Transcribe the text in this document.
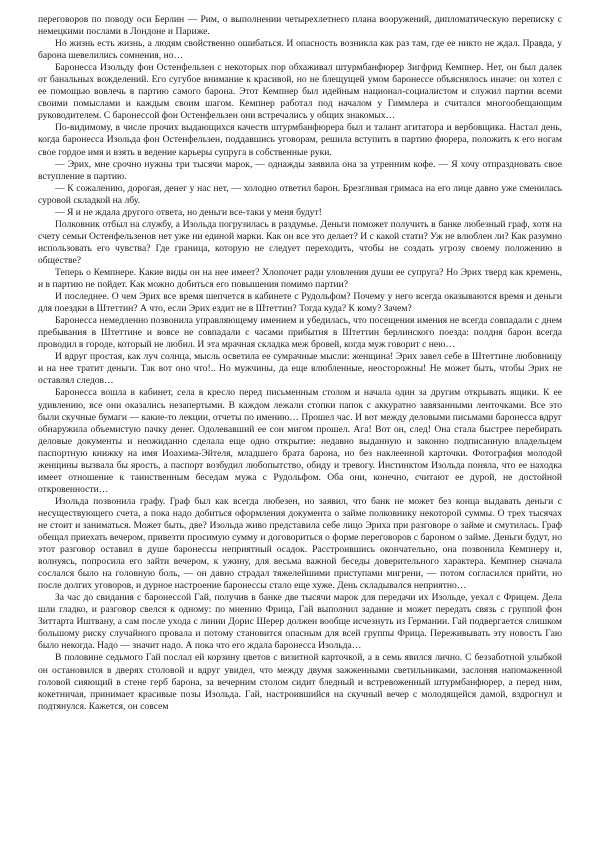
переговоров по поводу оси Берлин — Рим, о выполнении четырехлетнего плана вооружений, дипломатическую переписку с немецкими послами в Лондоне и Париже.

Но жизнь есть жизнь, а людям свойственно ошибаться. И опасность возникла как раз там, где ее никто не ждал. Правда, у барона шевелились сомнения, но…

Баронесса Изольду фон Остенфельзен с некоторых пор обхаживал штурмбанфюрер Зигфрид Кемпнер. Нет, он был далек от банальных вожделений. Его сугубое внимание к красивой, но не блещущей умом баронессе объяснялось иначе: он хотел с ее помощью вовлечь в партию самого барона. Этот Кемпнер был идейным национал-социалистом и служил партии всеми своими помыслами и каждым своим шагом. Кемпнер работал под началом у Гиммлера и считался многообещающим руководителем. С баронессой фон Остенфельзен они встречались у общих знакомых…

По-видимому, в числе прочих выдающихся качеств штурмбанфюрера был и талант агитатора и вербовщика. Настал день, когда баронесса Изольда фон Остенфельзен, поддавшись уговорам, решила вступить в партию фюрера, положить к его ногам свое гордое имя и взять в ведение карьеры супруга в собственные руки.

— Эрих, мне срочно нужны три тысячи марок, — однажды заявила она за утренним кофе. — Я хочу отпраздновать свое вступление в партию.

— К сожалению, дорогая, денег у нас нет, — холодно ответил барон. Брезгливая гримаса на его лице давно уже сменилась суровой складкой на лбу.

— Я и не ждала другого ответа, но деньги все-таки у меня будут!

Полковник отбыл на службу, а Изольда погрузилась в раздумье. Деньги поможет получить в банке любезный граф, хотя на счету семьи Остенфельзенов нет уже ни единой марки. Как он все это делает? И с какой стати? Уж не влюблен ли? Как разумно использовать его чувства? Где граница, которую не следует переходить, чтобы не создать угрозу своему положению в обществе?

Теперь о Кемпнере. Какие виды он на нее имеет? Хлопочет ради уловления души ее супруга? Но Эрих тверд как кремень, и в партию не пойдет. Как можно добиться его повышения помимо партии?

И последнее. О чем Эрих все время шепчется в кабинете с Рудольфом? Почему у него всегда оказываются время и деньги для поездки в Штеттин? А что, если Эрих ездит не в Штеттин? Тогда куда? К кому? Зачем?

Баронесса немедленно позвонила управляющему имением и убедилась, что посещения имения не всегда совпадали с днем пребывания в Штеттине и вовсе не совпадали с часами прибытия в Штеттин берлинского поезда: полдня барон всегда проводил в городе, который не любил. И эта мрачная складка меж бровей, когда муж говорит с нею…

И вдруг простая, как луч солнца, мысль осветила ее сумрачные мысли: женщина! Эрих завел себе в Штеттине любовницу и на нее тратит деньги. Так вот оно что!.. Но мужчины, да еще влюбленные, неосторожны! Не может быть, чтобы Эрих не оставлял следов…

Баронесса вошла в кабинет, села в кресло перед письменным столом и начала один за другим открывать ящики. К ее удивлению, все они оказались незапертыми. В каждом лежали стопки папок с аккуратно завязанными ленточками. Все это были скучные бумаги — какие-то лекции, отчеты по имению… Прошел час. И вот между деловыми письмами баронесса вдруг обнаружила объемистую пачку денег. Одолевавший ее сон мигом прошел. Ага! Вот он, след! Она стала быстрее перебирать деловые документы и неожиданно сделала еще одно открытие: недавно выданную и законно подписанную владельцем паспортную книжку на имя Иоахима-Эйтеля, младшего брата барона, но без наклеенной карточки. Фотография молодой женщины вызвала бы ярость, а паспорт возбудил любопытство, обиду и тревогу. Инстинктом Изольда поняла, что ее находка имеет отношение к таинственным беседам мужа с Рудольфом. Оба они, конечно, считают ее дурой, не достойной откровенности…

Изольда позвонила графу. Граф был как всегда любезен, но заявил, что банк не может без конца выдавать деньги с несуществующего счета, а пока надо добиться оформления документа о займе полковнику некоторой суммы. О трех тысячах не стоит и заниматься. Может быть, две? Изольда живо представила себе лицо Эриха при разговоре о займе и смутилась. Граф обещал приехать вечером, привезти просимую сумму и договориться о форме переговоров с бароном о займе. Деньги будут, но этот разговор оставил в душе баронессы неприятный осадок. Расстроившись окончательно, она позвонила Кемпнеру и, волнуясь, попросила его зайти вечером, к ужину, для весьма важной беседы доверительного характера. Кемпнер сначала сослался было на головную боль, — он давно страдал тяжелейшими приступами мигрени, — потом согласился прийти, но после долгих уговоров, и дурное настроение баронессы стало еще хуже. День складывался неприятно…

За час до свидания с баронессой Гай, получив в банке две тысячи марок для передачи их Изольде, уехал с Фрицем. Дела шли гладко, и разговор свелся к одному: по мнению Фрица, Гай выполнил задание и может передать связь с группой фон Зиттарта Иштвану, а сам после ухода с линии Дорис Шерер должен вообще исчезнуть из Германии. Гай подвергается слишком большому риску случайного провала и потому становится опасным для всей группы Фрица. Переживывать эту новость Гаю было некогда. Надо — значит надо. А пока что его ждала баронесса Изольда…

В половине седьмого Гай послал ей корзину цветов с визитной карточкой, а в семь явился лично. С беззаботной улыбкой он остановился в дверях столовой и вдруг увидел, что между двумя зажженными светильниками, заслоняя напомаженной головой сияющий в стене герб барона, за вечерним столом сидит бледный и встревоженный штурмбанфюрер, а перед ним, кокетничая, принимает красивые позы Изольда. Гай, настроившийся на скучный вечер с молодящейся дамой, вздрогнул и подтянулся. Кажется, он совсем
